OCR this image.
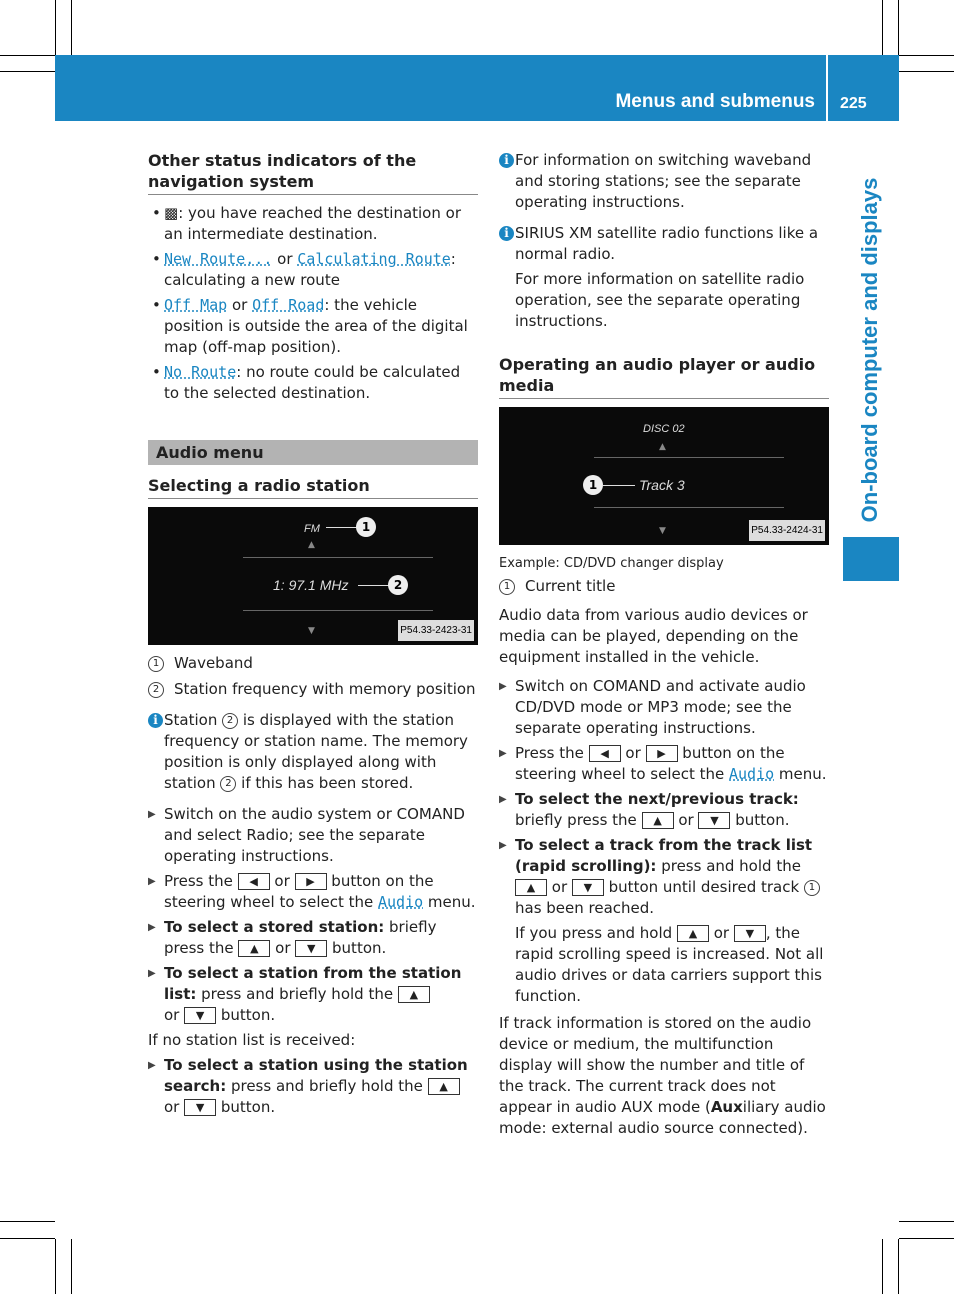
Menus and submenus 225
On-board computer and displays
Other status indicators of the navigation system
• ▩: you have reached the destination or an intermediate destination.
• New Route... or Calculating Route: calculating a new route
• Off Map or Off Road: the vehicle position is outside the area of the digital map (off-map position).
• No Route: no route could be calculated to the selected destination.
Audio menu
Selecting a radio station
FM
▲
1: 97.1 MHz
▼
1
2
P54.33-2423-31
1 Waveband
2 Station frequency with memory position
i Station 2 is displayed with the station frequency or station name. The memory position is only displayed along with station 2 if this has been stored.
▶ Switch on the audio system or COMAND and select Radio; see the separate operating instructions.
▶ Press the ◀ or ▶ button on the steering wheel to select the Audio menu.
▶ To select a stored station: briefly press the ▲ or ▼ button.
▶ To select a station from the station list: press and briefly hold the ▲
or ▼ button.

If no station list is received:

▶ To select a station using the station search: press and briefly hold the ▲
or ▼ button.
i For information on switching waveband and storing stations; see the separate operating instructions.
i SIRIUS XM satellite radio functions like a normal radio.

For more information on satellite radio operation, see the separate operating instructions.

Operating an audio player or audio media
DISC 02
▲
Track 3
▼
1
P54.33-2424-31

Example: CD/DVD changer display

1 Current title

Audio data from various audio devices or media can be played, depending on the equipment installed in the vehicle.

▶ Switch on COMAND and activate audio CD/DVD mode or MP3 mode; see the separate operating instructions.
▶ Press the ◀ or ▶ button on the steering wheel to select the Audio menu.
▶ To select the next/previous track: briefly press the ▲ or ▼ button.
▶ To select a track from the track list (rapid scrolling): press and hold the ▲ or ▼ button until desired track 1 has been reached.

If you press and hold ▲ or ▼ , the rapid scrolling speed is increased. Not all audio drives or data carriers support this function.

If track information is stored on the audio device or medium, the multifunction display will show the number and title of the track. The current track does not appear in audio AUX mode (Auxiliary audio mode: external audio source connected).
